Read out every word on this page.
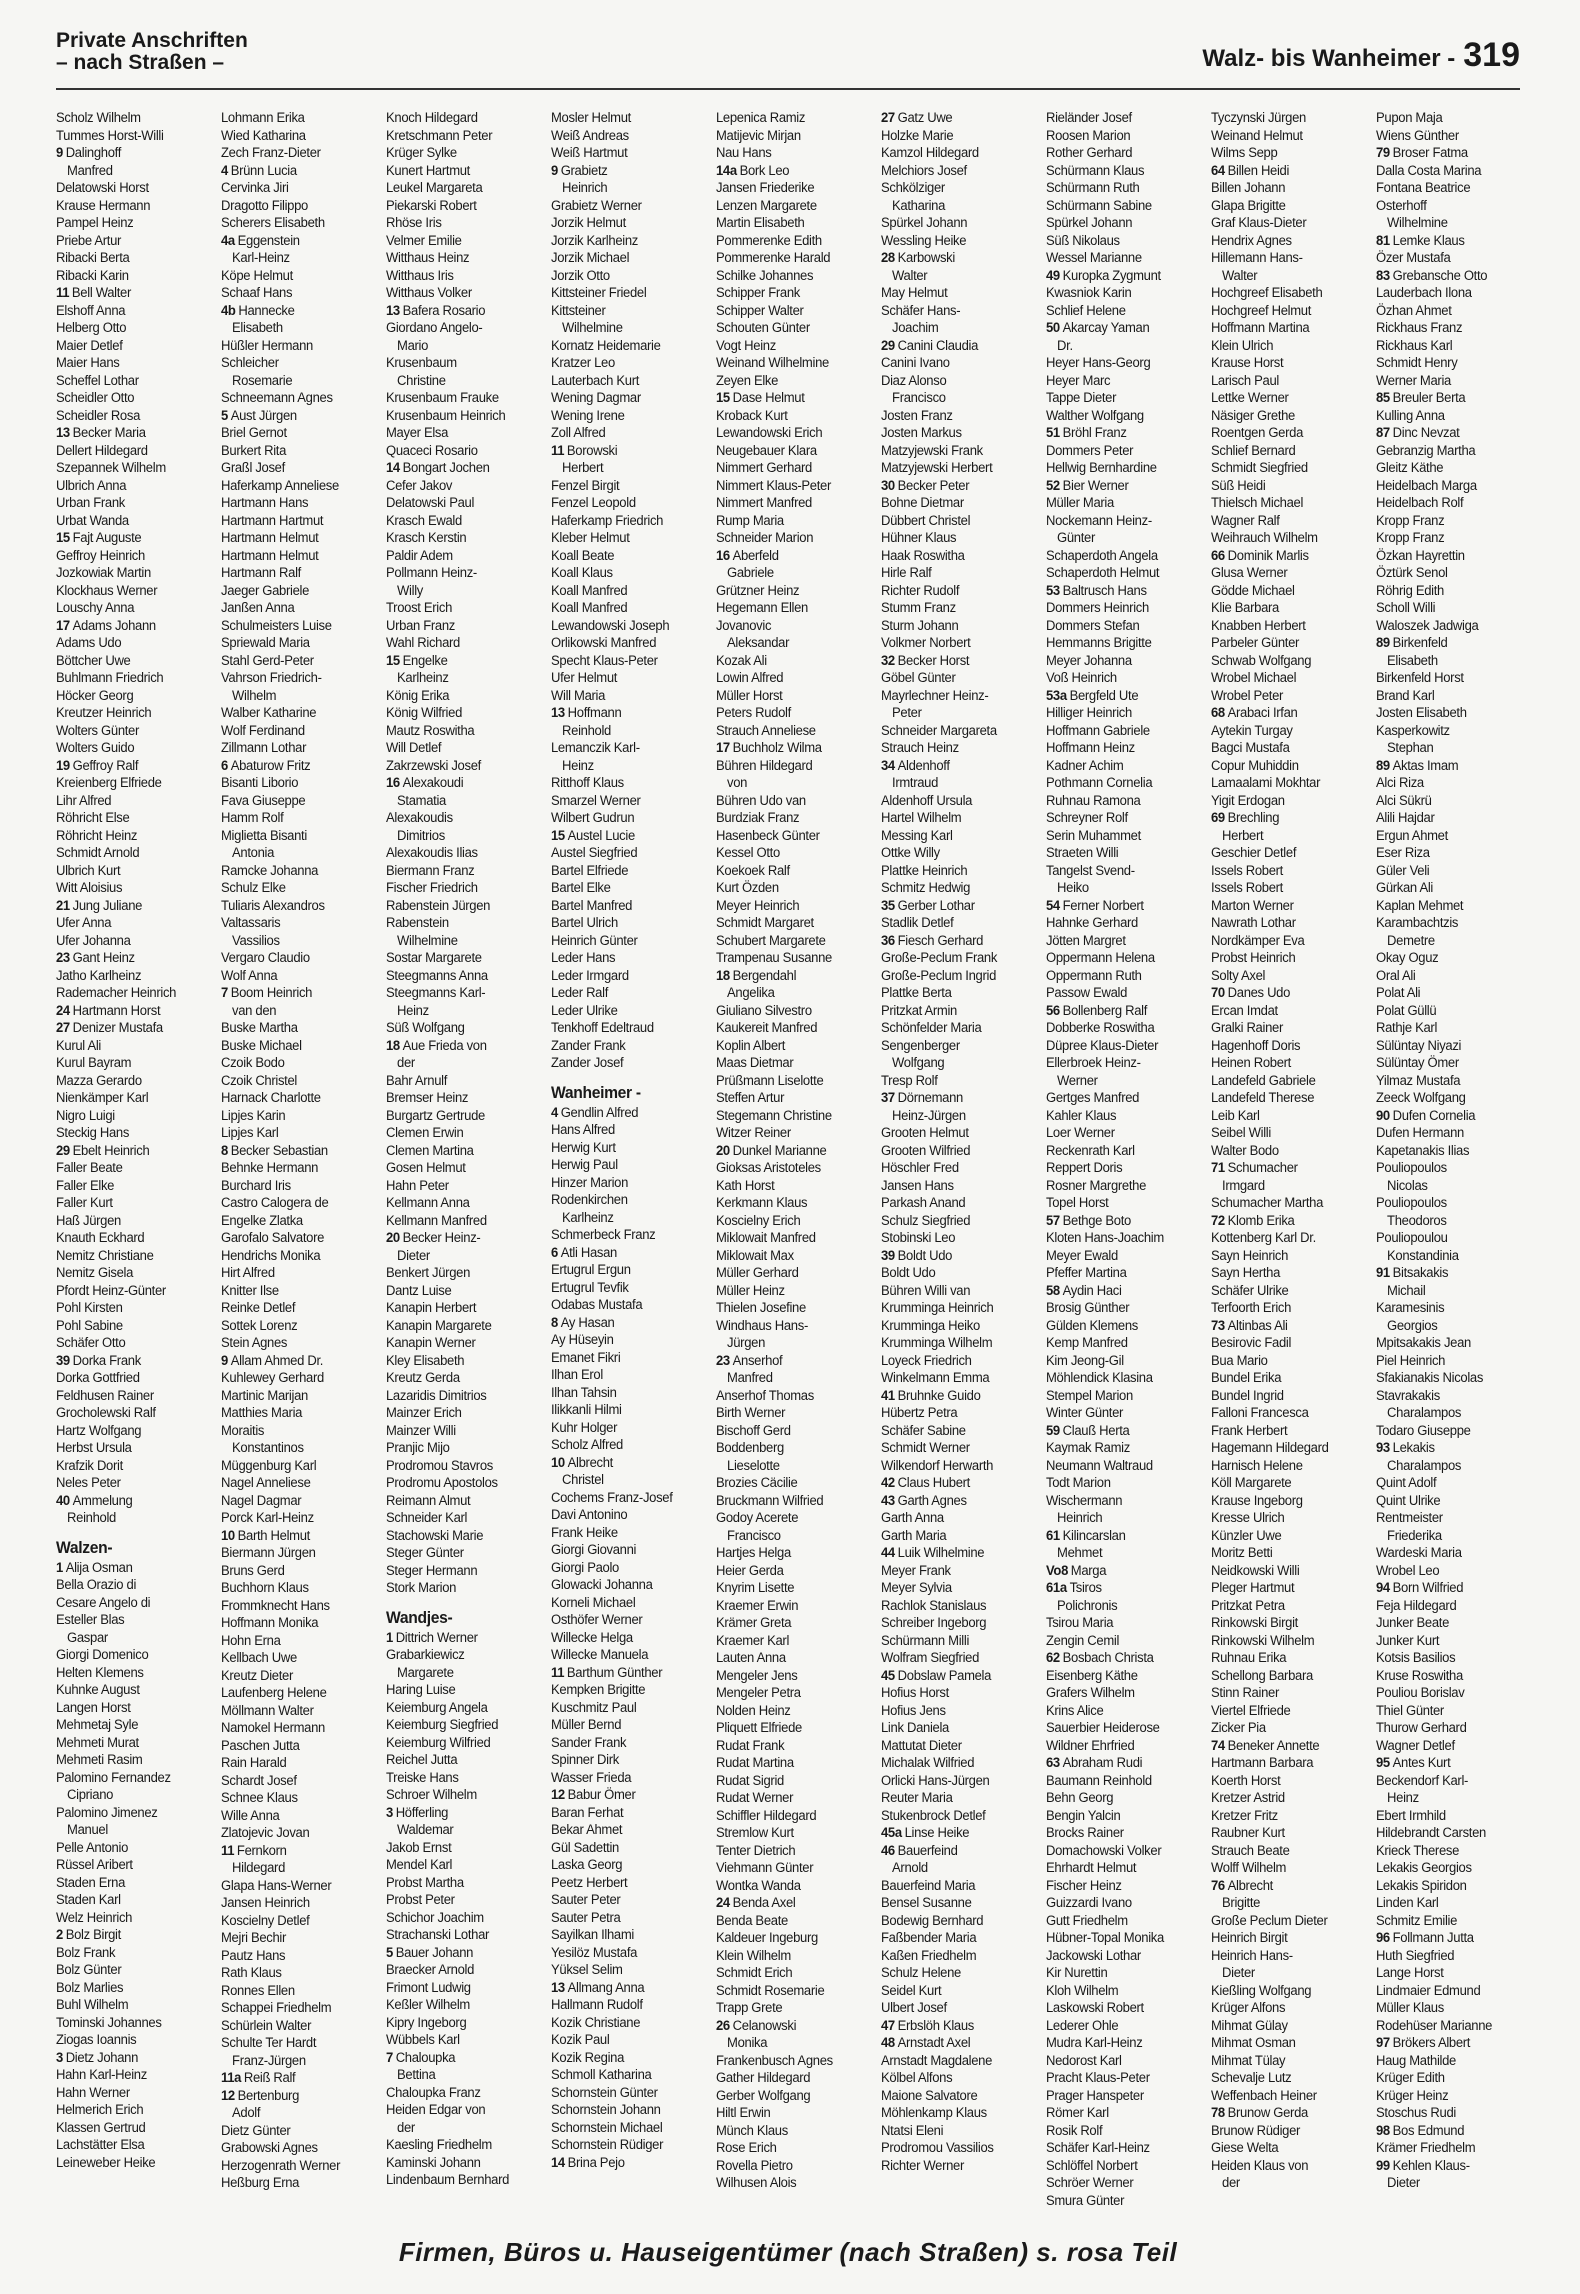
Private Anschriften
– nach Straßen –	Walz- bis Wanheimer - 319
Scholz Wilhelm
Tummes Horst-Willi
9 Dalinghoff
Manfred
Delatowski Horst
Krause Hermann
Pampel Heinz
Priebe Artur
Ribacki Berta
Ribacki Karin
11 Bell Walter
Elshoff Anna
Helberg Otto
Maier Detlef
Maier Hans
Scheffel Lothar
Scheidler Otto
Scheidler Rosa
13 Becker Maria
Dellert Hildegard
Szepannek Wilhelm
Ulbrich Anna
Urban Frank
Urbat Wanda
15 Fajt Auguste
Geffroy Heinrich
Jozkowiak Martin
Klockhaus Werner
Louschy Anna
17 Adams Johann
Adams Udo
Böttcher Uwe
Buhlmann Friedrich
Höcker Georg
Kreutzer Heinrich
Wolters Günter
Wolters Guido
19 Geffroy Ralf
Kreienberg Elfriede
Lihr Alfred
Röhricht Else
Röhricht Heinz
Schmidt Arnold
Ulbrich Kurt
Witt Aloisius
21 Jung Juliane
Ufer Anna
Ufer Johanna
23 Gant Heinz
Jatho Karlheinz
Rademacher Heinrich
24 Hartmann Horst
27 Denizer Mustafa
Kurul Ali
Kurul Bayram
Mazza Gerardo
Nienkämper Karl
Nigro Luigi
Steckig Hans
29 Ebelt Heinrich
Faller Beate
Faller Elke
Faller Kurt
Haß Jürgen
Knauth Eckhard
Nemitz Christiane
Nemitz Gisela
Pfordt Heinz-Günter
Pohl Kirsten
Pohl Sabine
Schäfer Otto
39 Dorka Frank
Dorka Gottfried
Feldhusen Rainer
Grocholewski Ralf
Hartz Wolfgang
Herbst Ursula
Krafzik Dorit
Neles Peter
40 Ammelung
Reinhold
Walzen-
1 Alija Osman
Bella Orazio di
Cesare Angelo di
Esteller Blas
Gaspar
Giorgi Domenico
Helten Klemens
Kuhnke August
Langen Horst
Mehmetaj Syle
Mehmeti Murat
Mehmeti Rasim
Palomino Fernandez
Cipriano
Palomino Jimenez
Manuel
Pelle Antonio
Rüssel Aribert
Staden Erna
Staden Karl
Welz Heinrich
2 Bolz Birgit
Bolz Frank
Bolz Günter
Bolz Marlies
Buhl Wilhelm
Tominski Johannes
Ziogas Ioannis
3 Dietz Johann
Hahn Karl-Heinz
Hahn Werner
Helmerich Erich
Klassen Gertrud
Lachstätter Elsa
Leineweber Heike
Lohmann Erika
Wied Katharina
Zech Franz-Dieter
4 Brünn Lucia
Cervinka Jiri
Dragotto Filippo
Scherers Elisabeth
4a Eggenstein
Karl-Heinz
Köpe Helmut
Schaaf Hans
4b Hannecke
Elisabeth
Hüßler Hermann
Schleicher
Rosemarie
Schneemann Agnes
5 Aust Jürgen
Briel Gernot
Burkert Rita
Graßl Josef
Haferkamp Anneliese
Hartmann Hans
Hartmann Hartmut
Hartmann Helmut
Hartmann Helmut
Hartmann Ralf
Jaeger Gabriele
Janßen Anna
Schulmeisters Luise
Spriewald Maria
Stahl Gerd-Peter
Vahrson Friedrich-
Wilhelm
Walber Katharine
Wolf Ferdinand
Zillmann Lothar
6 Abaturow Fritz
Bisanti Liborio
Fava Giuseppe
Hamm Rolf
Miglietta Bisanti
Antonia
Ramcke Johanna
Schulz Elke
Tuliaris Alexandros
Valtassaris
Vassilios
Vergaro Claudio
Wolf Anna
7 Boom Heinrich
van den
Buske Martha
Buske Michael
Czoik Bodo
Czoik Christel
Harnack Charlotte
Lipjes Karin
Lipjes Karl
8 Becker Sebastian
Behnke Hermann
Burchard Iris
Castro Calogera de
Engelke Zlatka
Garofalo Salvatore
Hendrichs Monika
Hirt Alfred
Knitter Ilse
Reinke Detlef
Sottek Lorenz
Stein Agnes
9 Allam Ahmed Dr.
Kuhlewey Gerhard
Martinic Marijan
Matthies Maria
Moraitis
Konstantinos
Müggenburg Karl
Nagel Anneliese
Nagel Dagmar
Porck Karl-Heinz
10 Barth Helmut
Biermann Jürgen
Bruns Gerd
Buchhorn Klaus
Frommknecht Hans
Hoffmann Monika
Hohn Erna
Kellbach Uwe
Kreutz Dieter
Laufenberg Helene
Möllmann Walter
Namokel Hermann
Paschen Jutta
Rain Harald
Schardt Josef
Schnee Klaus
Wille Anna
Zlatojevic Jovan
11 Fernkorn
Hildegard
Glapa Hans-Werner
Jansen Heinrich
Koscielny Detlef
Mejri Bechir
Pautz Hans
Rath Klaus
Ronnes Ellen
Schappei Friedhelm
Schürlein Walter
Schulte Ter Hardt
Franz-Jürgen
11a Reiß Ralf
12 Bertenburg
Adolf
Dietz Günter
Grabowski Agnes
Herzogenrath Werner
Heßburg Erna
Knoch Hildegard
Kretschmann Peter
Krüger Sylke
Kunert Hartmut
Leukel Margareta
Piekarski Robert
Rhöse Iris
Velmer Emilie
Witthaus Heinz
Witthaus Iris
Witthaus Volker
13 Bafera Rosario
Giordano Angelo-
Mario
Krusenbaum
Christine
Krusenbaum Frauke
Krusenbaum Heinrich
Mayer Elsa
Quaceci Rosario
14 Bongart Jochen
Cefer Jakov
Delatowski Paul
Krasch Ewald
Krasch Kerstin
Paldir Adem
Pollmann Heinz-
Willy
Troost Erich
Urban Franz
Wahl Richard
15 Engelke
Karlheinz
König Erika
König Wilfried
Mautz Roswitha
Will Detlef
Zakrzewski Josef
16 Alexakoudi
Stamatia
Alexakoudis
Dimitrios
Alexakoudis Ilias
Biermann Franz
Fischer Friedrich
Rabenstein Jürgen
Rabenstein
Wilhelmine
Sostar Margarete
Steegmanns Anna
Steegmanns Karl-
Heinz
Süß Wolfgang
18 Aue Frieda von
der
Bahr Arnulf
Bremser Heinz
Burgartz Gertrude
Clemen Erwin
Clemen Martina
Gosen Helmut
Hahn Peter
Kellmann Anna
Kellmann Manfred
20 Becker Heinz-
Dieter
Benkert Jürgen
Dantz Luise
Kanapin Herbert
Kanapin Margarete
Kanapin Werner
Kley Elisabeth
Kreutz Gerda
Lazaridis Dimitrios
Mainzer Erich
Mainzer Willi
Pranjic Mijo
Prodromou Stavros
Prodromu Apostolos
Reimann Almut
Schneider Karl
Stachowski Marie
Steger Günter
Steger Hermann
Stork Marion
Wandjes-
1 Dittrich Werner
Grabarkiewicz
Margarete
Haring Luise
Keiemburg Angela
Keiemburg Siegfried
Keiemburg Wilfried
Reichel Jutta
Treiske Hans
Schroer Wilhelm
3 Höfferling
Waldemar
Jakob Ernst
Mendel Karl
Probst Martha
Probst Peter
Schichor Joachim
Strachanski Lothar
5 Bauer Johann
Braecker Arnold
Frimont Ludwig
Keßler Wilhelm
Kipry Ingeborg
Wübbels Karl
7 Chaloupka
Bettina
Chaloupka Franz
Heiden Edgar von
der
Kaesling Friedhelm
Kaminski Johann
Lindenbaum Bernhard
Mosler Helmut
Weiß Andreas
Weiß Hartmut
9 Grabietz
Heinrich
Grabietz Werner
Jorzik Helmut
Jorzik Karlheinz
Jorzik Michael
Jorzik Otto
Kittsteiner Friedel
Kittsteiner
Wilhelmine
Kornatz Heidemarie
Kratzer Leo
Lauterbach Kurt
Wening Dagmar
Wening Irene
Zoll Alfred
11 Borowski
Herbert
Fenzel Birgit
Fenzel Leopold
Haferkamp Friedrich
Kleber Helmut
Koall Beate
Koall Klaus
Koall Manfred
Koall Manfred
Lewandowski Joseph
Orlikowski Manfred
Specht Klaus-Peter
Ufer Helmut
Will Maria
13 Hoffmann
Reinhold
Lemanczik Karl-
Heinz
Ritthoff Klaus
Smarzel Werner
Wilbert Gudrun
15 Austel Lucie
Austel Siegfried
Bartel Elfriede
Bartel Elke
Bartel Manfred
Bartel Ulrich
Heinrich Günter
Leder Hans
Leder Irmgard
Leder Ralf
Leder Ulrike
Tenkhoff Edeltraud
Zander Frank
Zander Josef
Wanheimer -
4 Gendlin Alfred
Hans Alfred
Herwig Kurt
Herwig Paul
Hinzer Marion
Rodenkirchen
Karlheinz
Schmerbeck Franz
6 Atli Hasan
Ertugrul Ergun
Ertugrul Tevfik
Odabas Mustafa
8 Ay Hasan
Ay Hüseyin
Emanet Fikri
Ilhan Erol
Ilhan Tahsin
Ilikkanli Hilmi
Kuhr Holger
Scholz Alfred
10 Albrecht
Christel
Cochems Franz-Josef
Davi Antonino
Frank Heike
Giorgi Giovanni
Giorgi Paolo
Glowacki Johanna
Korneli Michael
Osthöfer Werner
Willecke Helga
Willecke Manuela
11 Barthum Günther
Kempken Brigitte
Kuschmitz Paul
Müller Bernd
Sander Frank
Spinner Dirk
Wasser Frieda
12 Babur Ömer
Baran Ferhat
Bekar Ahmet
Gül Sadettin
Laska Georg
Peetz Herbert
Sauter Peter
Sauter Petra
Sayilkan Ilhami
Yesilöz Mustafa
Yüksel Selim
13 Allmang Anna
Hallmann Rudolf
Kozik Christiane
Kozik Paul
Kozik Regina
Schmoll Katharina
Schornstein Günter
Schornstein Johann
Schornstein Michael
Schornstein Rüdiger
14 Brina Pejo
Lepenica Ramiz
Matijevic Mirjan
Nau Hans
14a Bork Leo
Jansen Friederike
Lenzen Margarete
Martin Elisabeth
Pommerenke Edith
Pommerenke Harald
Schilke Johannes
Schipper Frank
Schipper Walter
Schouten Günter
Vogt Heinz
Weinand Wilhelmine
Zeyen Elke
15 Dase Helmut
Kroback Kurt
Lewandowski Erich
Neugebauer Klara
Nimmert Gerhard
Nimmert Klaus-Peter
Nimmert Manfred
Rump Maria
Schneider Marion
16 Aberfeld
Gabriele
Grützner Heinz
Hegemann Ellen
Jovanovic
Aleksandar
Kozak Ali
Lowin Alfred
Müller Horst
Peters Rudolf
Strauch Anneliese
17 Buchholz Wilma
Bühren Hildegard
von
Bühren Udo van
Burdziak Franz
Hasenbeck Günter
Kessel Otto
Koekoek Ralf
Kurt Özden
Meyer Heinrich
Schmidt Margaret
Schubert Margarete
Trampenau Susanne
18 Bergendahl
Angelika
Giuliano Silvestro
Kaukereit Manfred
Koplin Albert
Maas Dietmar
Prüßmann Liselotte
Steffen Artur
Stegemann Christine
Witzer Reiner
20 Dunkel Marianne
Gioksas Aristoteles
Kath Horst
Kerkmann Klaus
Koscielny Erich
Miklowait Manfred
Miklowait Max
Müller Gerhard
Müller Heinz
Thielen Josefine
Windhaus Hans-
Jürgen
23 Anserhof
Manfred
Anserhof Thomas
Birth Werner
Bischoff Gerd
Boddenberg
Lieselotte
Brozies Cäcilie
Bruckmann Wilfried
Godoy Acerete
Francisco
Hartjes Helga
Heier Gerda
Knyrim Lisette
Kraemer Erwin
Krämer Greta
Kraemer Karl
Lauten Anna
Mengeler Jens
Mengeler Petra
Nolden Heinz
Pliquett Elfriede
Rudat Frank
Rudat Martina
Rudat Sigrid
Rudat Werner
Schiffler Hildegard
Stremlow Kurt
Tenter Dietrich
Viehmann Günter
Wontka Wanda
24 Benda Axel
Benda Beate
Kaldeuer Ingeburg
Klein Wilhelm
Schmidt Erich
Schmidt Rosemarie
Trapp Grete
26 Celanowski
Monika
Frankenbusch Agnes
Gather Hildegard
Gerber Wolfgang
Hiltl Erwin
Münch Klaus
Rose Erich
Rovella Pietro
Wilhusen Alois
27 Gatz Uwe
Holzke Marie
Kamzol Hildegard
Melchiors Josef
Schkölziger
Katharina
Spürkel Johann
Wessling Heike
28 Karbowski
Walter
May Helmut
Schäfer Hans-
Joachim
29 Canini Claudia
Canini Ivano
Diaz Alonso
Francisco
Josten Franz
Josten Markus
Matzyjewski Frank
Matzyjewski Herbert
30 Becker Peter
Bohne Dietmar
Dübbert Christel
Hühner Klaus
Haak Roswitha
Hirle Ralf
Richter Rudolf
Stumm Franz
Sturm Johann
Volkmer Norbert
32 Becker Horst
Göbel Günter
Mayrlechner Heinz-
Peter
Schneider Margareta
Strauch Heinz
34 Aldenhoff
Irmtraud
Aldenhoff Ursula
Hartel Wilhelm
Messing Karl
Ottke Willy
Plattke Heinrich
Schmitz Hedwig
35 Gerber Lothar
Stadlik Detlef
36 Fiesch Gerhard
Große-Peclum Frank
Große-Peclum Ingrid
Plattke Berta
Pritzkat Armin
Schönfelder Maria
Sengenberger
Wolfgang
Tresp Rolf
37 Dörnemann
Heinz-Jürgen
Grooten Helmut
Grooten Wilfried
Höschler Fred
Jansen Hans
Parkash Anand
Schulz Siegfried
Stobinski Leo
39 Boldt Udo
Boldt Udo
Bühren Willi van
Krumminga Heinrich
Krumminga Heiko
Krumminga Wilhelm
Loyeck Friedrich
Winkelmann Emma
41 Bruhnke Guido
Hübertz Petra
Schäfer Sabine
Schmidt Werner
Wilkendorf Herwarth
42 Claus Hubert
43 Garth Agnes
Garth Anna
Garth Maria
44 Luik Wilhelmine
Meyer Frank
Meyer Sylvia
Rachlok Stanislaus
Schreiber Ingeborg
Schürmann Milli
Wolfram Siegfried
45 Dobslaw Pamela
Hofius Horst
Hofius Jens
Link Daniela
Mattutat Dieter
Michalak Wilfried
Orlicki Hans-Jürgen
Reuter Maria
Stukenbrock Detlef
45a Linse Heike
46 Bauerfeind
Arnold
Bauerfeind Maria
Bensel Susanne
Bodewig Bernhard
Faßbender Maria
Kaßen Friedhelm
Schulz Helene
Seidel Kurt
Ulbert Josef
47 Erbslöh Klaus
48 Arnstadt Axel
Arnstadt Magdalene
Kölbel Alfons
Maione Salvatore
Möhlenkamp Klaus
Ntatsi Eleni
Prodromou Vassilios
Richter Werner
Rieländer Josef
Roosen Marion
Rother Gerhard
Schürmann Klaus
Schürmann Ruth
Schürmann Sabine
Spürkel Johann
Süß Nikolaus
Wessel Marianne
49 Kuropka Zygmunt
Kwasniok Karin
Schlief Helene
50 Akarcay Yaman
Dr.
Heyer Hans-Georg
Heyer Marc
Tappe Dieter
Walther Wolfgang
51 Bröhl Franz
Dommers Peter
Hellwig Bernhardine
52 Bier Werner
Müller Maria
Nockemann Heinz-
Günter
Schaperdoth Angela
Schaperdoth Helmut
53 Baltrusch Hans
Dommers Heinrich
Dommers Stefan
Hemmanns Brigitte
Meyer Johanna
Voß Heinrich
53a Bergfeld Ute
Hilliger Heinrich
Hoffmann Gabriele
Hoffmann Heinz
Kadner Achim
Pothmann Cornelia
Ruhnau Ramona
Schreyner Rolf
Serin Muhammet
Straeten Willi
Tangelst Svend-
Heiko
54 Ferner Norbert
Hahnke Gerhard
Jötten Margret
Oppermann Helena
Oppermann Ruth
Passow Ewald
56 Bollenberg Ralf
Dobberke Roswitha
Düpree Klaus-Dieter
Ellerbroek Heinz-
Werner
Gertges Manfred
Kahler Klaus
Loer Werner
Reckenrath Karl
Reppert Doris
Rosner Margrethe
Topel Horst
57 Bethge Boto
Kloten Hans-Joachim
Meyer Ewald
Pfeffer Martina
58 Aydin Haci
Brosig Günther
Gülden Klemens
Kemp Manfred
Kim Jeong-Gil
Möhlendick Klasina
Stempel Marion
Winter Günter
59 Clauß Herta
Kaymak Ramiz
Neumann Waltraud
Todt Marion
Wischermann
Heinrich
61 Kilincarslan
Mehmet
Vo8 Marga
61a Tsiros
Polichronis
Tsirou Maria
Zengin Cemil
62 Bosbach Christa
Eisenberg Käthe
Grafers Wilhelm
Krins Alice
Sauerbier Heiderose
Wildner Ehrfried
63 Abraham Rudi
Baumann Reinhold
Behn Georg
Bengin Yalcin
Brocks Rainer
Domachowski Volker
Ehrhardt Helmut
Fischer Heinz
Guizzardi Ivano
Gutt Friedhelm
Hübner-Topal Monika
Jackowski Lothar
Kir Nurettin
Kloh Wilhelm
Laskowski Robert
Lederer Ohle
Mudra Karl-Heinz
Nedorost Karl
Pracht Klaus-Peter
Prager Hanspeter
Römer Karl
Rosik Rolf
Schäfer Karl-Heinz
Schlöffel Norbert
Schröer Werner
Smura Günter
Tyczynski Jürgen
Weinand Helmut
Wilms Sepp
64 Billen Heidi
Billen Johann
Glapa Brigitte
Graf Klaus-Dieter
Hendrix Agnes
Hillemann Hans-
Walter
Hochgreef Elisabeth
Hochgreef Helmut
Hoffmann Martina
Klein Ulrich
Krause Horst
Larisch Paul
Lettke Werner
Näsiger Grethe
Roentgen Gerda
Schlief Bernard
Schmidt Siegfried
Süß Heidi
Thielsch Michael
Wagner Ralf
Weihrauch Wilhelm
66 Dominik Marlis
Glusa Werner
Gödde Michael
Klie Barbara
Knabben Herbert
Parbeler Günter
Schwab Wolfgang
Wrobel Michael
Wrobel Peter
68 Arabaci Irfan
Aytekin Turgay
Bagci Mustafa
Copur Muhiddin
Lamaalami Mokhtar
Yigit Erdogan
69 Brechling
Herbert
Geschier Detlef
Issels Robert
Issels Robert
Marton Werner
Nawrath Lothar
Nordkämper Eva
Probst Heinrich
Solty Axel
70 Danes Udo
Ercan Imdat
Gralki Rainer
Hagenhoff Doris
Heinen Robert
Landefeld Gabriele
Landefeld Therese
Leib Karl
Seibel Willi
Walter Bodo
71 Schumacher
Irmgard
Schumacher Martha
72 Klomb Erika
Kottenberg Karl Dr.
Sayn Heinrich
Sayn Hertha
Schäfer Ulrike
Terfoorth Erich
73 Altinbas Ali
Besirovic Fadil
Bua Mario
Bundel Erika
Bundel Ingrid
Falloni Francesca
Frank Herbert
Hagemann Hildegard
Harnisch Helene
Köll Margarete
Krause Ingeborg
Kresse Ulrich
Künzler Uwe
Moritz Betti
Neidkowski Willi
Pleger Hartmut
Pritzkat Petra
Rinkowski Birgit
Rinkowski Wilhelm
Ruhnau Erika
Schellong Barbara
Stinn Rainer
Viertel Elfriede
Zicker Pia
74 Beneker Annette
Hartmann Barbara
Koerth Horst
Kretzer Astrid
Kretzer Fritz
Raubner Kurt
Strauch Beate
Wolff Wilhelm
76 Albrecht
Brigitte
Große Peclum Dieter
Heinrich Birgit
Heinrich Hans-
Dieter
Kießling Wolfgang
Krüger Alfons
Mihmat Gülay
Mihmat Osman
Mihmat Tülay
Schevalje Lutz
Weffenbach Heiner
78 Brunow Gerda
Brunow Rüdiger
Giese Welta
Heiden Klaus von
der
Pupon Maja
Wiens Günther
79 Broser Fatma
Dalla Costa Marina
Fontana Beatrice
Osterhoff
Wilhelmine
81 Lemke Klaus
Özer Mustafa
83 Grebansche Otto
Lauderbach Ilona
Özhan Ahmet
Rickhaus Franz
Rickhaus Karl
Schmidt Henry
Werner Maria
85 Breuler Berta
Kulling Anna
87 Dinc Nevzat
Gebranzig Martha
Gleitz Käthe
Heidelbach Marga
Heidelbach Rolf
Kropp Franz
Kropp Franz
Özkan Hayrettin
Öztürk Senol
Röhrig Edith
Scholl Willi
Waloszek Jadwiga
89 Birkenfeld
Elisabeth
Birkenfeld Horst
Brand Karl
Josten Elisabeth
Kasperkowitz
Stephan
89 Aktas Imam
Alci Riza
Alci Sükrü
Alili Hajdar
Ergun Ahmet
Eser Riza
Güler Veli
Gürkan Ali
Kaplan Mehmet
Karambachtzis
Demetre
Okay Oguz
Oral Ali
Polat Ali
Polat Güllü
Rathje Karl
Sülüntay Niyazi
Sülüntay Ömer
Yilmaz Mustafa
Zeeck Wolfgang
90 Dufen Cornelia
Dufen Hermann
Kapetanakis Ilias
Pouliopoulos
Nicolas
Pouliopoulos
Theodoros
Pouliopoulou
Konstandinia
91 Bitsakakis
Michail
Karamesinis
Georgios
Mpitsakakis Jean
Piel Heinrich
Sfakianakis Nicolas
Stavrakakis
Charalampos
Todaro Giuseppe
93 Lekakis
Charalampos
Quint Adolf
Quint Ulrike
Rentmeister
Friederika
Wardeski Maria
Wrobel Leo
94 Born Wilfried
Feja Hildegard
Junker Beate
Junker Kurt
Kotsis Basilios
Kruse Roswitha
Pouliou Borislav
Thiel Günter
Thurow Gerhard
Wagner Detlef
95 Antes Kurt
Beckendorf Karl-
Heinz
Ebert Irmhild
Hildebrandt Carsten
Krieck Therese
Lekakis Georgios
Lekakis Spiridon
Linden Karl
Schmitz Emilie
96 Follmann Jutta
Huth Siegfried
Lange Horst
Lindmaier Edmund
Müller Klaus
Rodehüser Marianne
97 Brökers Albert
Haug Mathilde
Krüger Edith
Krüger Heinz
Stoschus Rudi
98 Bos Edmund
Krämer Friedhelm
99 Kehlen Klaus-
Dieter
Firmen, Büros u. Hauseigentümer (nach Straßen) s. rosa Teil
